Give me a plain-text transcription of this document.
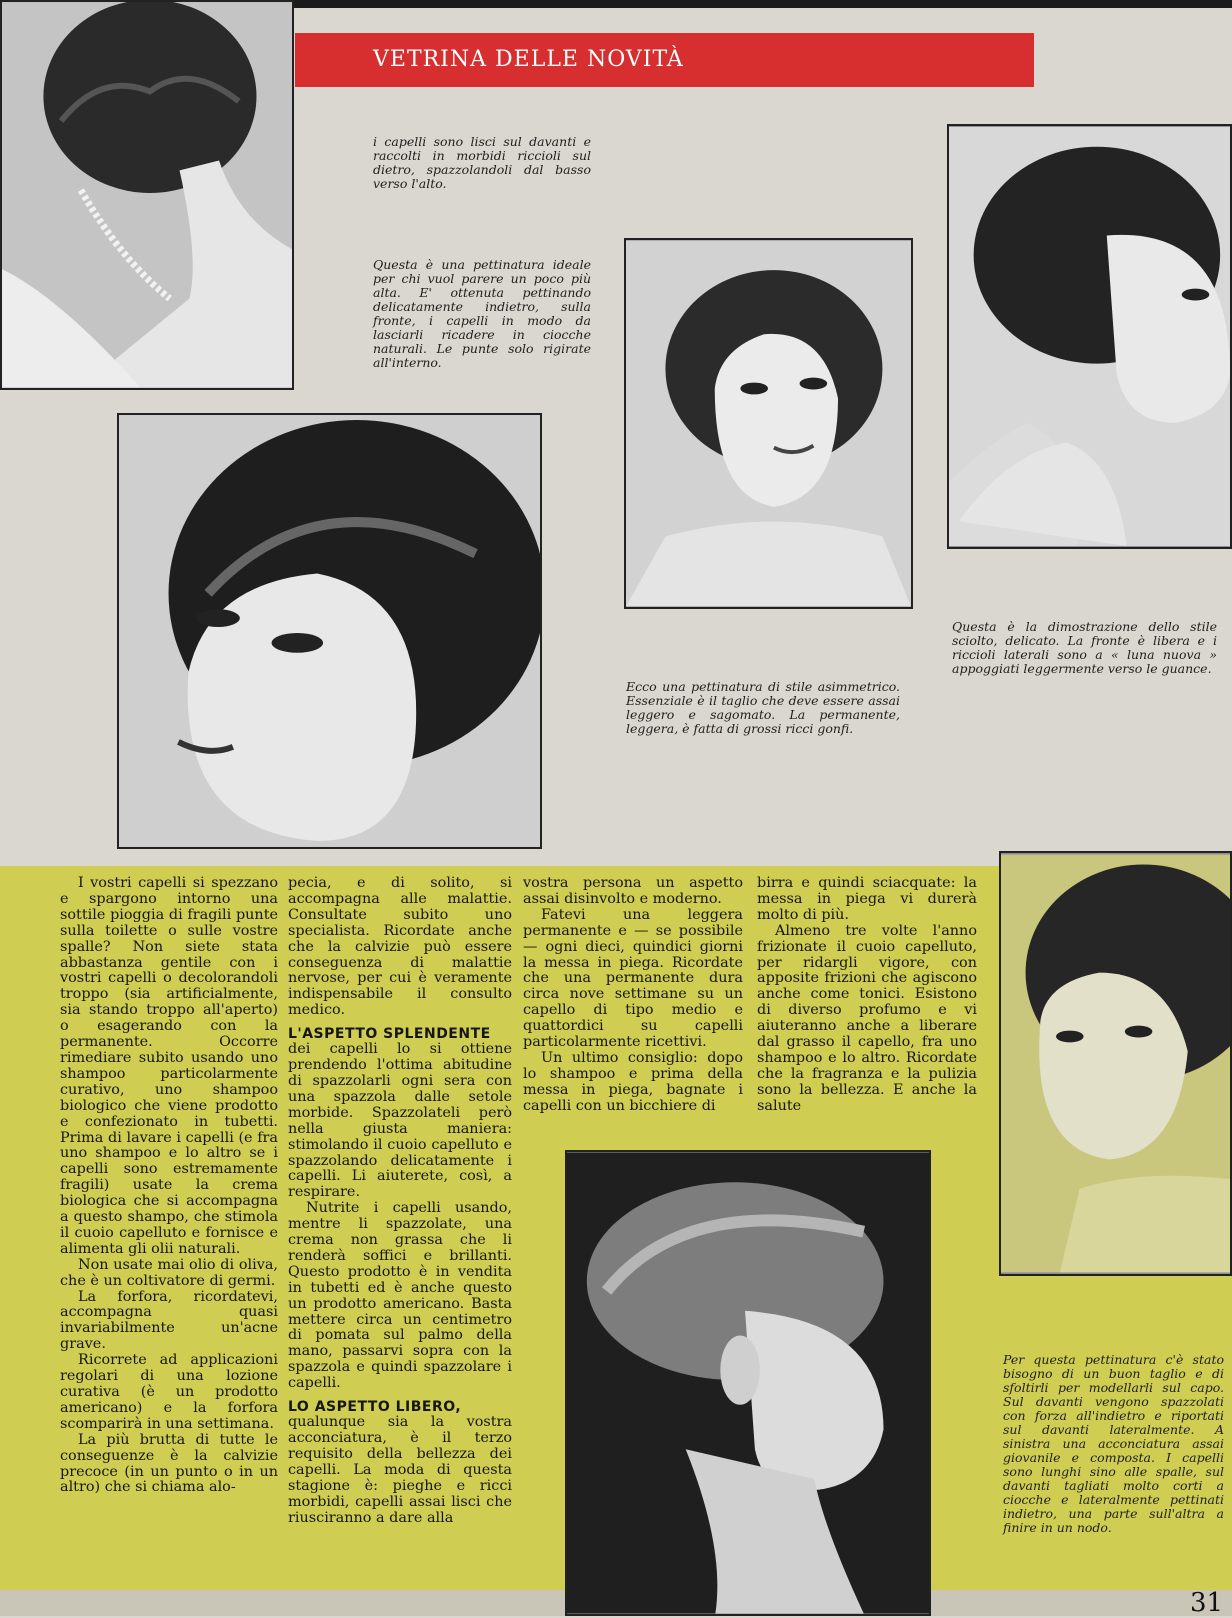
VETRINA DELLE NOVITÀ
i capelli sono lisci sul davanti e raccolti in morbidi riccioli sul dietro, spazzolandoli dal basso verso l'alto.
Questa è una pettinatura ideale per chi vuol parere un poco più alta. E' ottenuta pettinando delicatamente indietro, sulla fronte, i capelli in modo da lasciarli ricadere in ciocche naturali. Le punte solo rigirate all'interno.
Ecco una pettinatura di stile asimmetrico. Essenziale è il taglio che deve essere assai leggero e sagomato. La permanente, leggera, è fatta di grossi ricci gonfi.
Questa è la dimostrazione dello stile sciolto, delicato. La fronte è libera e i riccioli laterali sono a « luna nuova » appoggiati leggermente verso le guance.
Per questa pettinatura c'è stato bisogno di un buon taglio e di sfoltirli per modellarli sul capo. Sul davanti vengono spazzolati con forza all'indietro e riportati sul davanti lateralmente. A sinistra una acconciatura assai giovanile e composta. I capelli sono lunghi sino alle spalle, sul davanti tagliati molto corti a ciocche e lateralmente pettinati indietro, una parte sull'altra a finire in un nodo.

I vostri capelli si spezzano e spargono intorno una sottile pioggia di fragili punte sulla toilette o sulle vostre spalle? Non siete stata abbastanza gentile con i vostri capelli o decolorandoli troppo (sia artificialmente, sia stando troppo all'aperto) o esagerando con la permanente. Occorre rimediare subito usando uno shampoo particolarmente curativo, uno shampoo biologico che viene prodotto e confezionato in tubetti. Prima di lavare i capelli (e fra uno shampoo e lo altro se i capelli sono estremamente fragili) usate la crema biologica che si accompagna a questo shampo, che stimola il cuoio capelluto e fornisce e alimenta gli olii naturali.

Non usate mai olio di oliva, che è un coltivatore di germi.

La forfora, ricordatevi, accompagna quasi invariabilmente un'acne grave.

Ricorrete ad applicazioni regolari di una lozione curativa (è un prodotto americano) e la forfora scomparirà in una settimana.

La più brutta di tutte le conseguenze è la calvizie precoce (in un punto o in un altro) che si chiama alo-

pecia, e di solito, si accompagna alle malattie. Consultate subito uno specialista. Ricordate anche che la calvizie può essere conseguenza di malattie nervose, per cui è veramente indispensabile il consulto medico.

L'ASPETTO SPLENDENTE

dei capelli lo si ottiene prendendo l'ottima abitudine di spazzolarli ogni sera con una spazzola dalle setole morbide. Spazzolateli però nella giusta maniera: stimolando il cuoio capelluto e spazzolando delicatamente i capelli. Li aiuterete, così, a respirare.

Nutrite i capelli usando, mentre li spazzolate, una crema non grassa che li renderà soffici e brillanti. Questo prodotto è in vendita in tubetti ed è anche questo un prodotto americano. Basta mettere circa un centimetro di pomata sul palmo della mano, passarvi sopra con la spazzola e quindi spazzolare i capelli.

LO ASPETTO LIBERO,

qualunque sia la vostra acconciatura, è il terzo requisito della bellezza dei capelli. La moda di questa stagione è: pieghe e ricci morbidi, capelli assai lisci che riusciranno a dare alla

vostra persona un aspetto assai disinvolto e moderno.

Fatevi una leggera permanente e — se possibile — ogni dieci, quindici giorni la messa in piega. Ricordate che una permanente dura circa nove settimane su un capello di tipo medio e quattordici su capelli particolarmente ricettivi.

Un ultimo consiglio: dopo lo shampoo e prima della messa in piega, bagnate i capelli con un bicchiere di

birra e quindi sciacquate: la messa in piega vi durerà molto di più.

Almeno tre volte l'anno frizionate il cuoio capelluto, per ridargli vigore, con apposite frizioni che agiscono anche come tonici. Esistono di diverso profumo e vi aiuteranno anche a liberare dal grasso il capello, fra uno shampoo e lo altro. Ricordate che la fragranza e la pulizia sono la bellezza. E anche la salute

31
